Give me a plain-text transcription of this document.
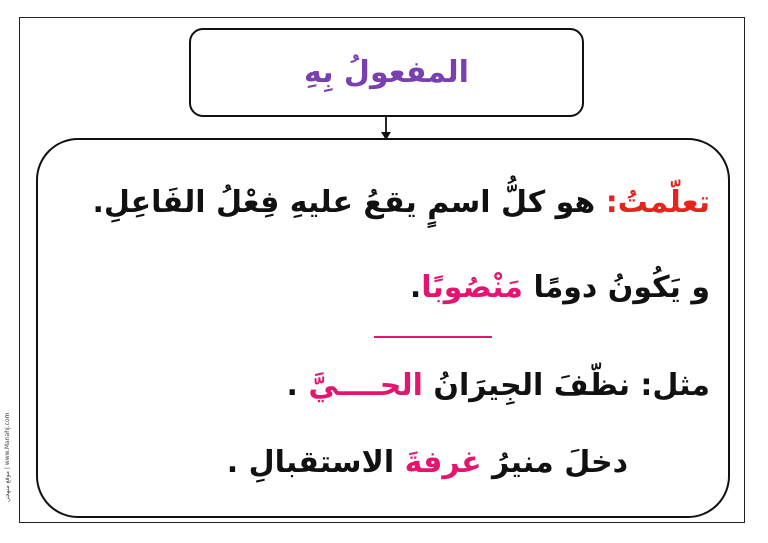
المفعولُ بِهِ
تعلّمتُ: هو كلُّ اسمٍ يقعُ عليهِ فِعْلُ الفَاعِلِ.
و يَكُونُ دومًا مَنْصُوبًا.
مثل: نظّفَ الجِيرَانُ الحــــيَّ .
دخلَ منيرُ غرفةَ الاستقبالِ .
موقع منهجي | www.Manahj.com
